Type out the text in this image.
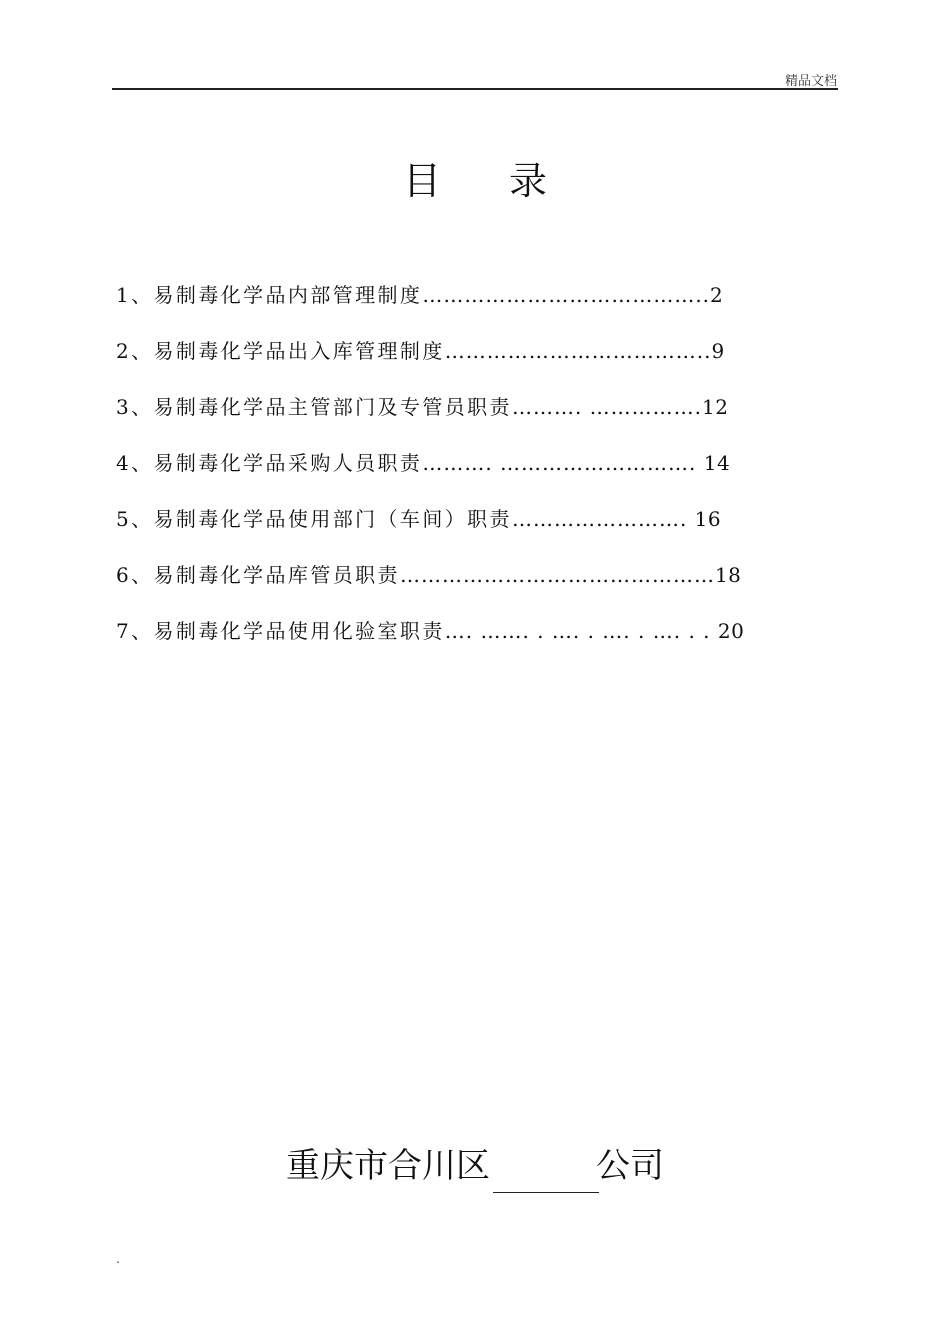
精品文档
目 录
1、易制毒化学品内部管理制度…………………………………..2
2、易制毒化学品出入库管理制度………………………………..9
3、易制毒化学品主管部门及专管员职责………. …………….12
4、易制毒化学品采购人员职责………. ………………………. 14
5、易制毒化学品使用部门（车间）职责……………………. 16
6、易制毒化学品库管员职责………………………………………18
7、易制毒化学品使用化验室职责…. ……. . …. . …. . …. . . 20
重庆市合川区	公司
.
